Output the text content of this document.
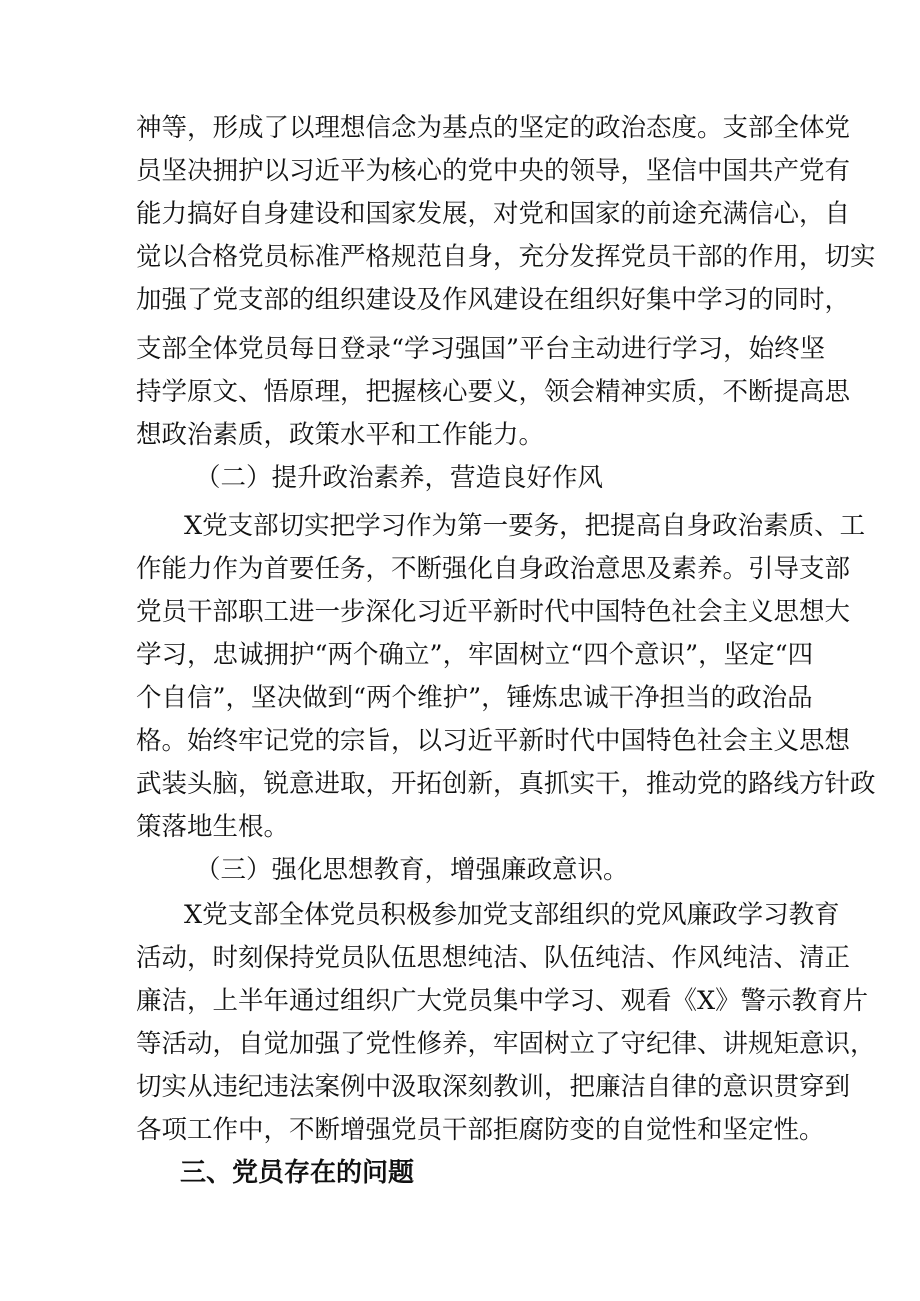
神等，形成了以理想信念为基点的坚定的政治态度。支部全体党
员坚决拥护以习近平为核心的党中央的领导，坚信中国共产党有
能力搞好自身建设和国家发展，对党和国家的前途充满信心，自
觉以合格党员标准严格规范自身，充分发挥党员干部的作用，切实
加强了党支部的组织建设及作风建设在组织好集中学习的同时，
支部全体党员每日登录“学习强国”平台主动进行学习，始终坚
持学原文、悟原理，把握核心要义，领会精神实质，不断提高思
想政治素质，政策水平和工作能力。
（二）提升政治素养，营造良好作风
X党支部切实把学习作为第一要务，把提高自身政治素质、工
作能力作为首要任务，不断强化自身政治意思及素养。引导支部
党员干部职工进一步深化习近平新时代中国特色社会主义思想大
学习，忠诚拥护“两个确立”，牢固树立“四个意识”，坚定“四
个自信”，坚决做到“两个维护”，锤炼忠诚干净担当的政治品
格。始终牢记党的宗旨，以习近平新时代中国特色社会主义思想
武装头脑，锐意进取，开拓创新，真抓实干，推动党的路线方针政
策落地生根。
（三）强化思想教育，增强廉政意识。
X党支部全体党员积极参加党支部组织的党风廉政学习教育
活动，时刻保持党员队伍思想纯洁、队伍纯洁、作风纯洁、清正
廉洁，上半年通过组织广大党员集中学习、观看《X》警示教育片
等活动，自觉加强了党性修养，牢固树立了守纪律、讲规矩意识，
切实从违纪违法案例中汲取深刻教训，把廉洁自律的意识贯穿到
各项工作中，不断增强党员干部拒腐防变的自觉性和坚定性。
三、党员存在的问题
